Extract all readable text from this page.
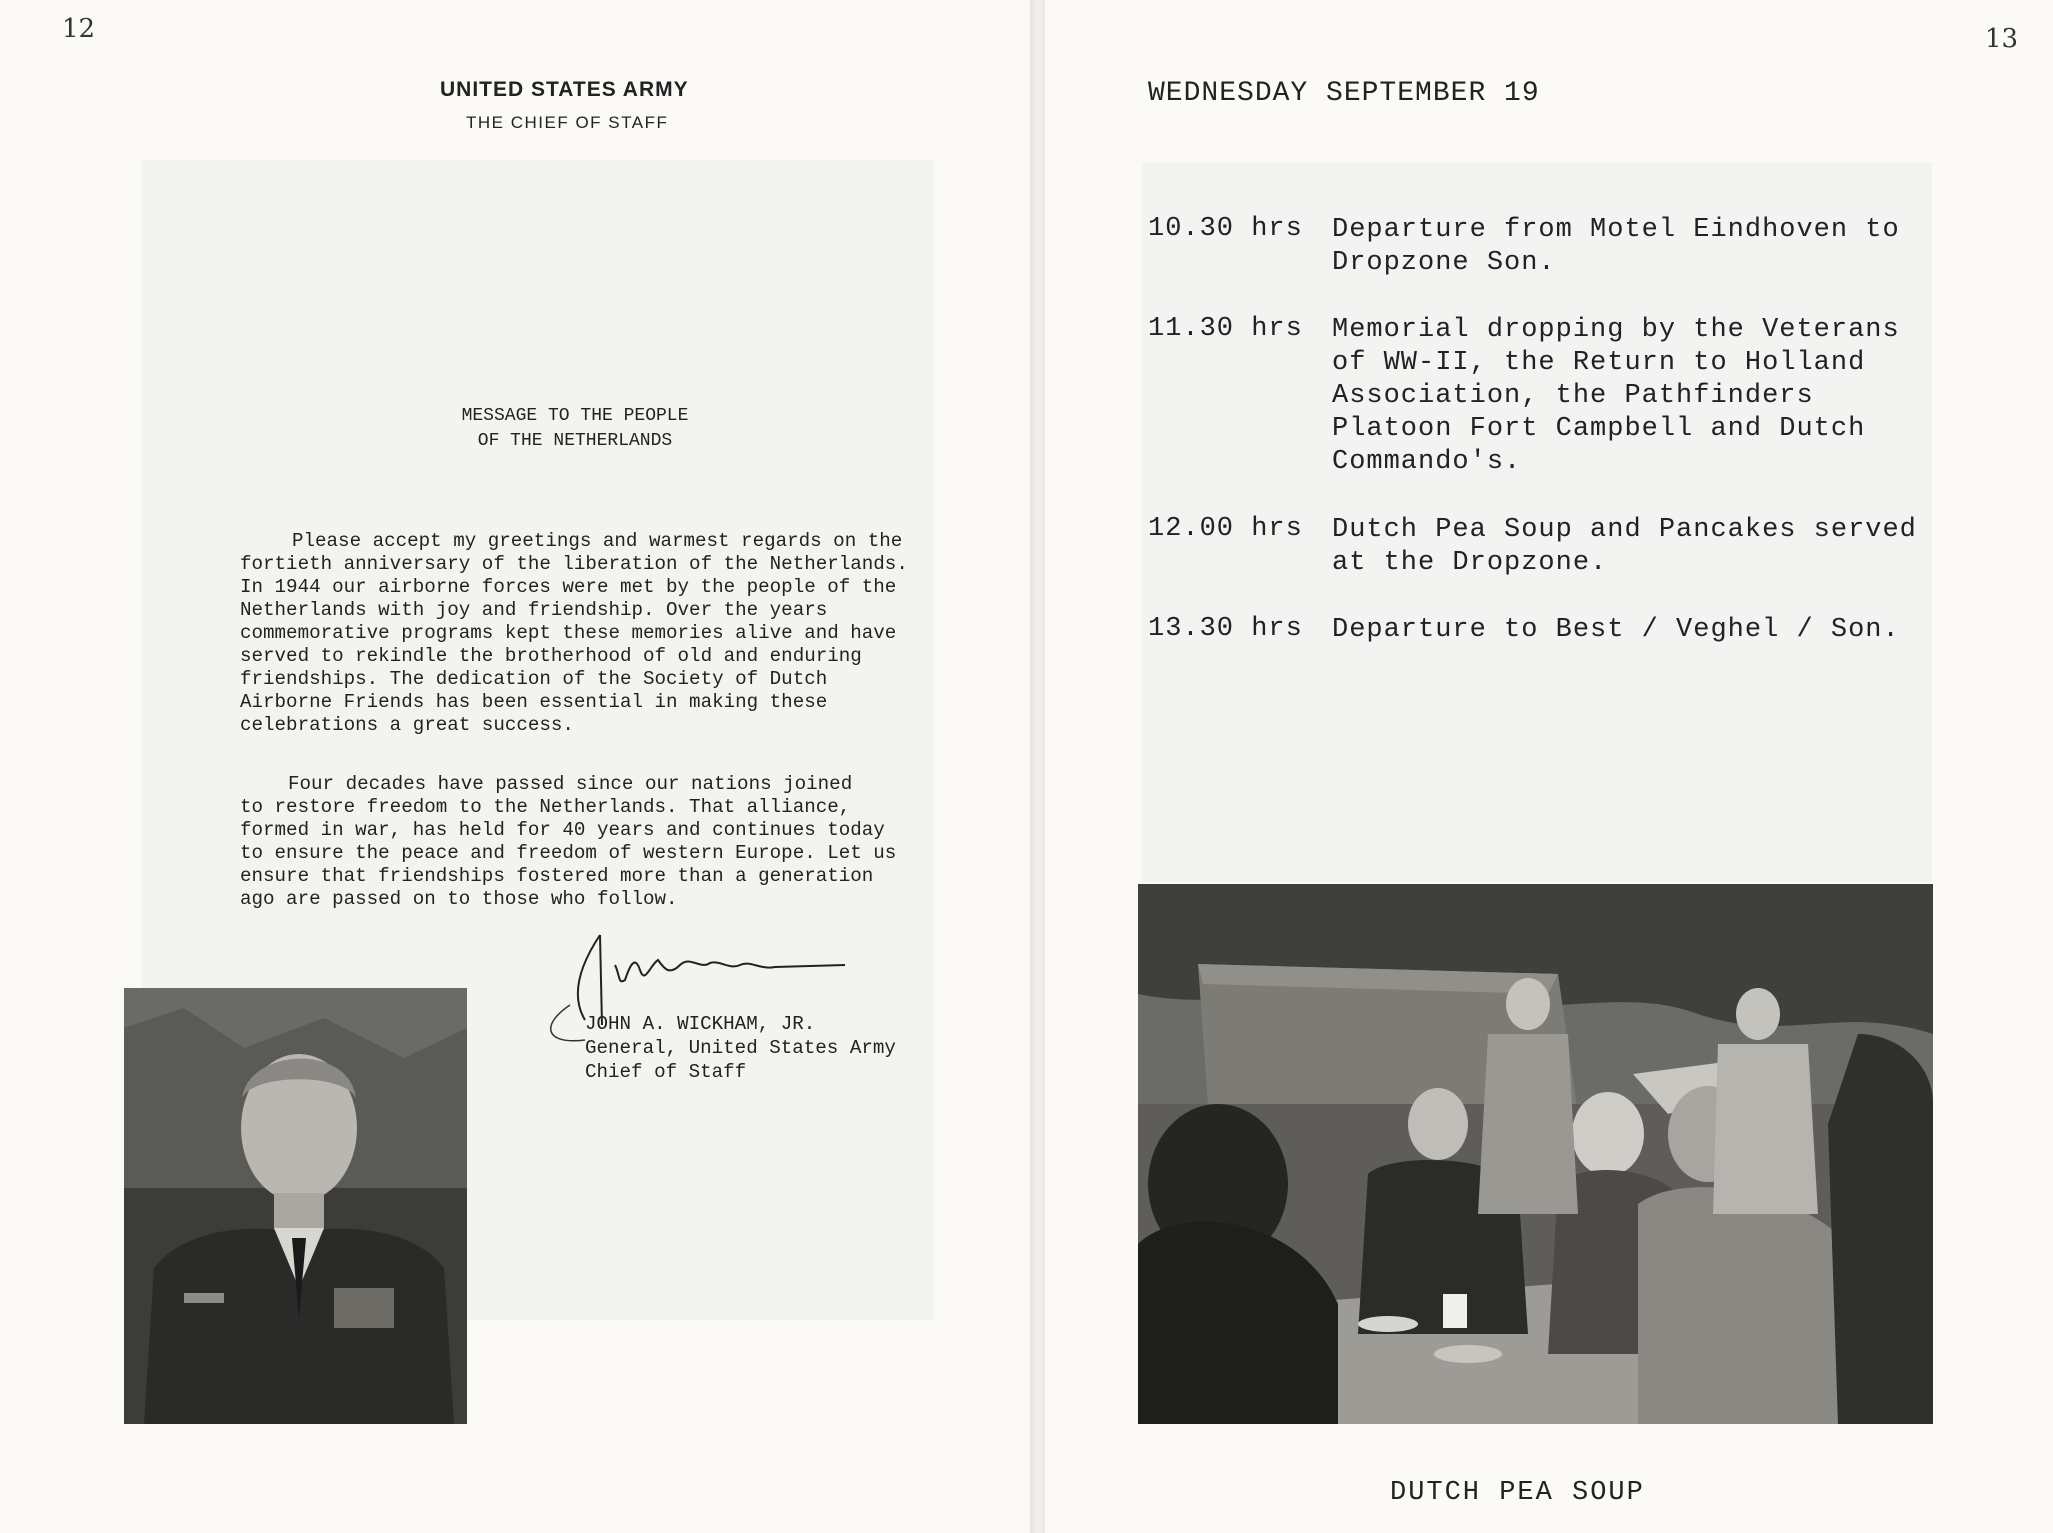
12
UNITED STATES ARMY
THE CHIEF OF STAFF
MESSAGE TO THE PEOPLE
OF THE NETHERLANDS
Please accept my greetings and warmest regards on the
fortieth anniversary of the liberation of the Netherlands.
In 1944 our airborne forces were met by the people of the
Netherlands with joy and friendship. Over the years
commemorative programs kept these memories alive and have
served to rekindle the brotherhood of old and enduring
friendships. The dedication of the Society of Dutch
Airborne Friends has been essential in making these
celebrations a great success.
Four decades have passed since our nations joined
to restore freedom to the Netherlands. That alliance,
formed in war, has held for 40 years and continues today
to ensure the peace and freedom of western Europe. Let us
ensure that friendships fostered more than a generation
ago are passed on to those who follow.
JOHN A. WICKHAM, JR.
General, United States Army
Chief of Staff
13
WEDNESDAY SEPTEMBER 19
10.30 hrs Departure from Motel Eindhoven to
Dropzone Son.
11.30 hrs Memorial dropping by the Veterans
of WW-II, the Return to Holland
Association, the Pathfinders
Platoon Fort Campbell and Dutch
Commando's.
12.00 hrs Dutch Pea Soup and Pancakes served
at the Dropzone.
13.30 hrs Departure to Best / Veghel / Son.
DUTCH PEA SOUP
